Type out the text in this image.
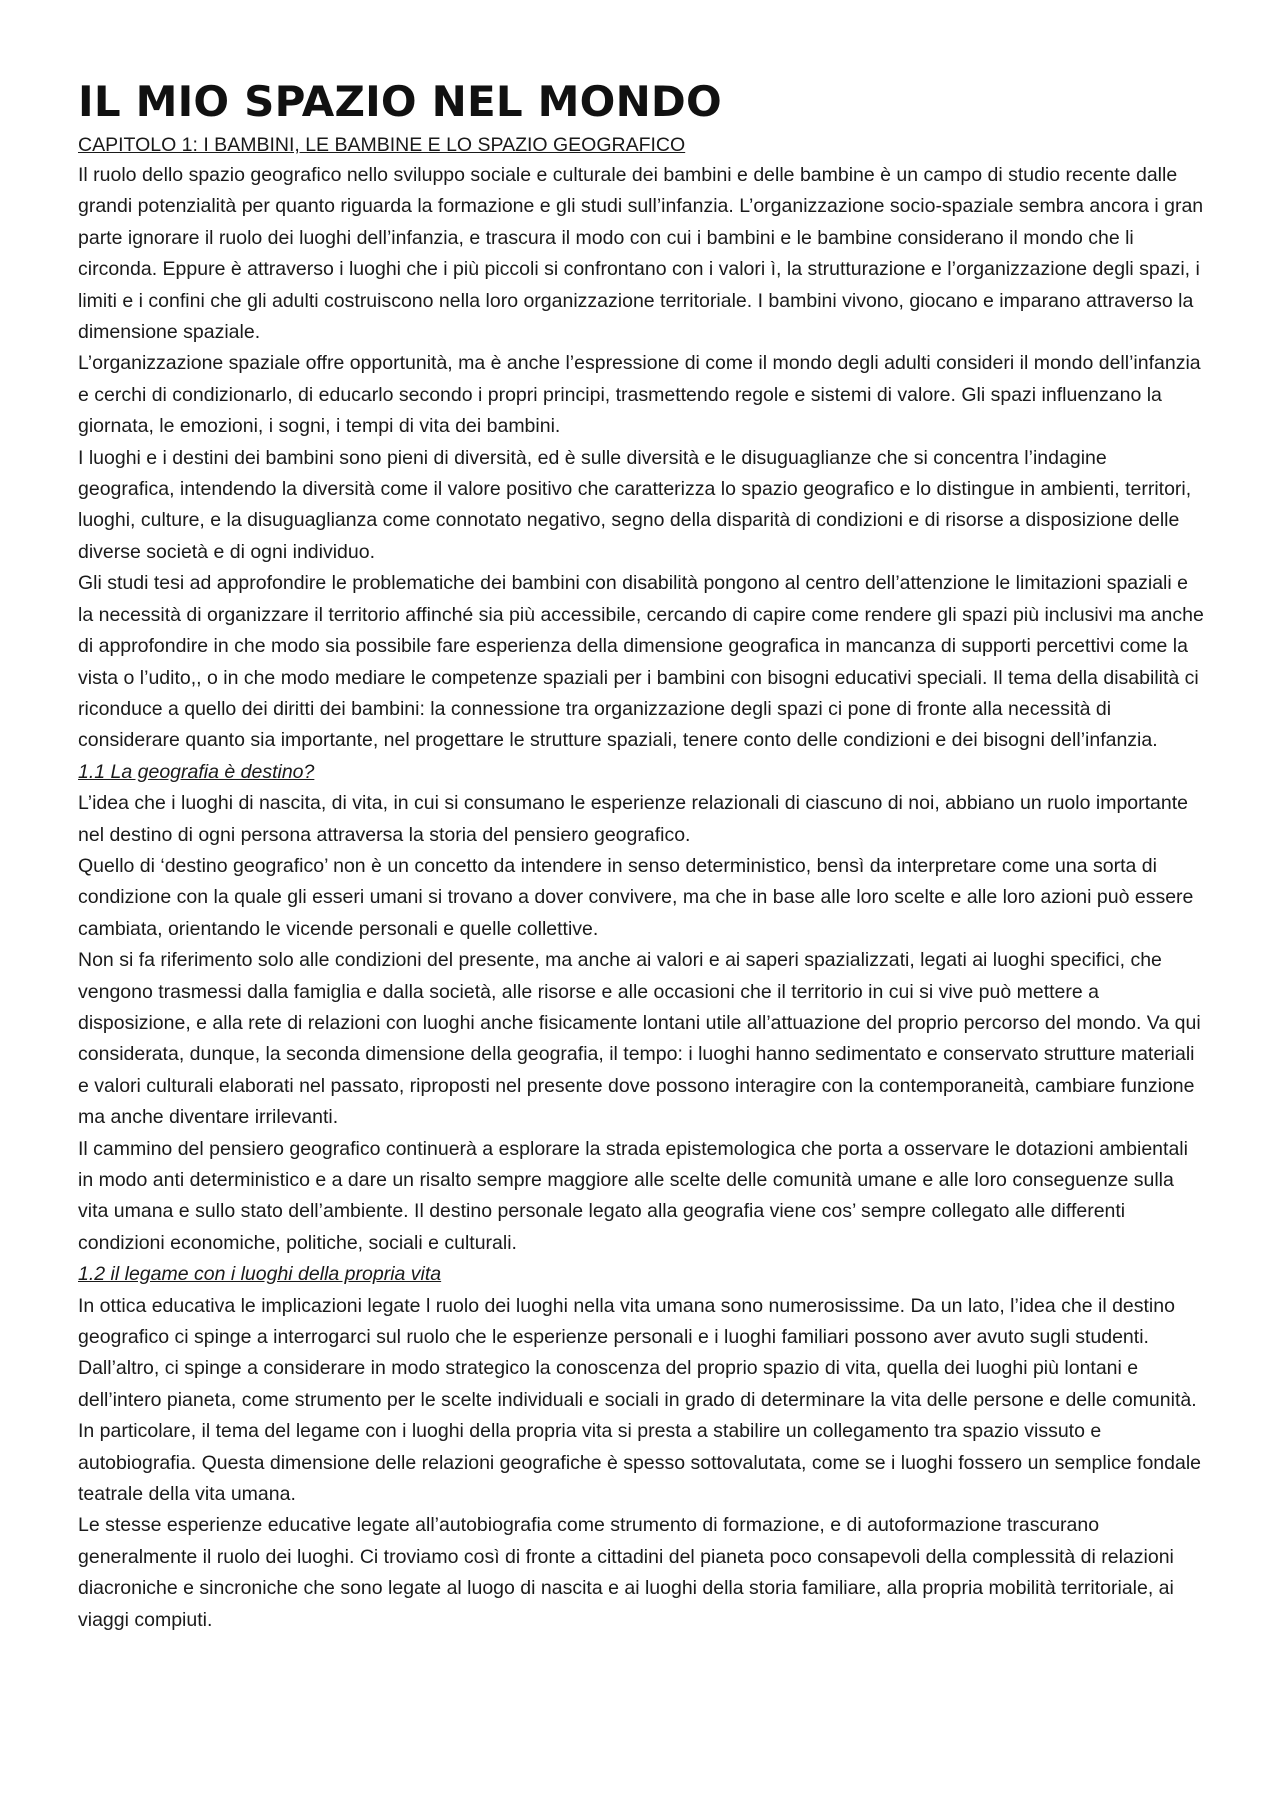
IL MIO SPAZIO NEL MONDO
CAPITOLO 1: I BAMBINI, LE BAMBINE E LO SPAZIO GEOGRAFICO

Il ruolo dello spazio geografico nello sviluppo sociale e culturale dei bambini e delle bambine è un campo di studio recente dalle grandi potenzialità per quanto riguarda la formazione e gli studi sull’infanzia. L’organizzazione socio-spaziale sembra ancora i gran parte ignorare il ruolo dei luoghi dell’infanzia, e trascura il modo con cui i bambini e le bambine considerano il mondo che li circonda. Eppure è attraverso i luoghi che i più piccoli si confrontano con i valori ì, la strutturazione e l’organizzazione degli spazi, i limiti e i confini che gli adulti costruiscono nella loro organizzazione territoriale. I bambini vivono, giocano e imparano attraverso la dimensione spaziale.

L’organizzazione spaziale offre opportunità, ma è anche l’espressione di come il mondo degli adulti consideri il mondo dell’infanzia e cerchi di condizionarlo, di educarlo secondo i propri principi, trasmettendo regole e sistemi di valore. Gli spazi influenzano la giornata, le emozioni, i sogni, i tempi di vita dei bambini.

I luoghi e i destini dei bambini sono pieni di diversità, ed è sulle diversità e le disuguaglianze che si concentra l’indagine geografica, intendendo la diversità come il valore positivo che caratterizza lo spazio geografico e lo distingue in ambienti, territori, luoghi, culture, e la disuguaglianza come connotato negativo, segno della disparità di condizioni e di risorse a disposizione delle diverse società e di ogni individuo.

Gli studi tesi ad approfondire le problematiche dei bambini con disabilità pongono al centro dell’attenzione le limitazioni spaziali e la necessità di organizzare il territorio affinché sia più accessibile, cercando di capire come rendere gli spazi più inclusivi ma anche di approfondire in che modo sia possibile fare esperienza della dimensione geografica in mancanza di supporti percettivi come la vista o l’udito,, o in che modo mediare le competenze spaziali per i bambini con bisogni educativi speciali. Il tema della disabilità ci riconduce a quello dei diritti dei bambini: la connessione tra organizzazione degli spazi ci pone di fronte alla necessità di considerare quanto sia importante, nel progettare le strutture spaziali, tenere conto delle condizioni e dei bisogni dell’infanzia.

1.1 La geografia è destino?

L’idea che i luoghi di nascita, di vita, in cui si consumano le esperienze relazionali di ciascuno di noi, abbiano un ruolo importante nel destino di ogni persona attraversa la storia del pensiero geografico.

Quello di ‘destino geografico’ non è un concetto da intendere in senso deterministico, bensì da interpretare come una sorta di condizione con la quale gli esseri umani si trovano a dover convivere, ma che in base alle loro scelte e alle loro azioni può essere cambiata, orientando le vicende personali e quelle collettive.

Non si fa riferimento solo alle condizioni del presente, ma anche ai valori e ai saperi spazializzati, legati ai luoghi specifici, che vengono trasmessi dalla famiglia e dalla società, alle risorse e alle occasioni che il territorio in cui si vive può mettere a disposizione, e alla rete di relazioni con luoghi anche fisicamente lontani utile all’attuazione del proprio percorso del mondo. Va qui considerata, dunque, la seconda dimensione della geografia, il tempo: i luoghi hanno sedimentato e conservato strutture materiali e valori culturali elaborati nel passato, riproposti nel presente dove possono interagire con la contemporaneità, cambiare funzione ma anche diventare irrilevanti.

Il cammino del pensiero geografico continuerà a esplorare la strada epistemologica che porta a osservare le dotazioni ambientali in modo anti deterministico e a dare un risalto sempre maggiore alle scelte delle comunità umane e alle loro conseguenze sulla vita umana e sullo stato dell’ambiente. Il destino personale legato alla geografia viene cos’ sempre collegato alle differenti condizioni economiche, politiche, sociali e culturali.

1.2 il legame con i luoghi della propria vita

In ottica educativa le implicazioni legate l ruolo dei luoghi nella vita umana sono numerosissime. Da un lato, l’idea che il destino geografico ci spinge a interrogarci sul ruolo che le esperienze personali e i luoghi familiari possono aver avuto sugli studenti. Dall’altro, ci spinge a considerare in modo strategico la conoscenza del proprio spazio di vita, quella dei luoghi più lontani e dell’intero pianeta, come strumento per le scelte individuali e sociali in grado di determinare la vita delle persone e delle comunità. In particolare, il tema del legame con i luoghi della propria vita si presta a stabilire un collegamento tra spazio vissuto e autobiografia. Questa dimensione delle relazioni geografiche è spesso sottovalutata, come se i luoghi fossero un semplice fondale teatrale della vita umana.

Le stesse esperienze educative legate all’autobiografia come strumento di formazione, e di autoformazione trascurano generalmente il ruolo dei luoghi. Ci troviamo così di fronte a cittadini del pianeta poco consapevoli della complessità di relazioni diacroniche e sincroniche che sono legate al luogo di nascita e ai luoghi della storia familiare, alla propria mobilità territoriale, ai viaggi compiuti.
